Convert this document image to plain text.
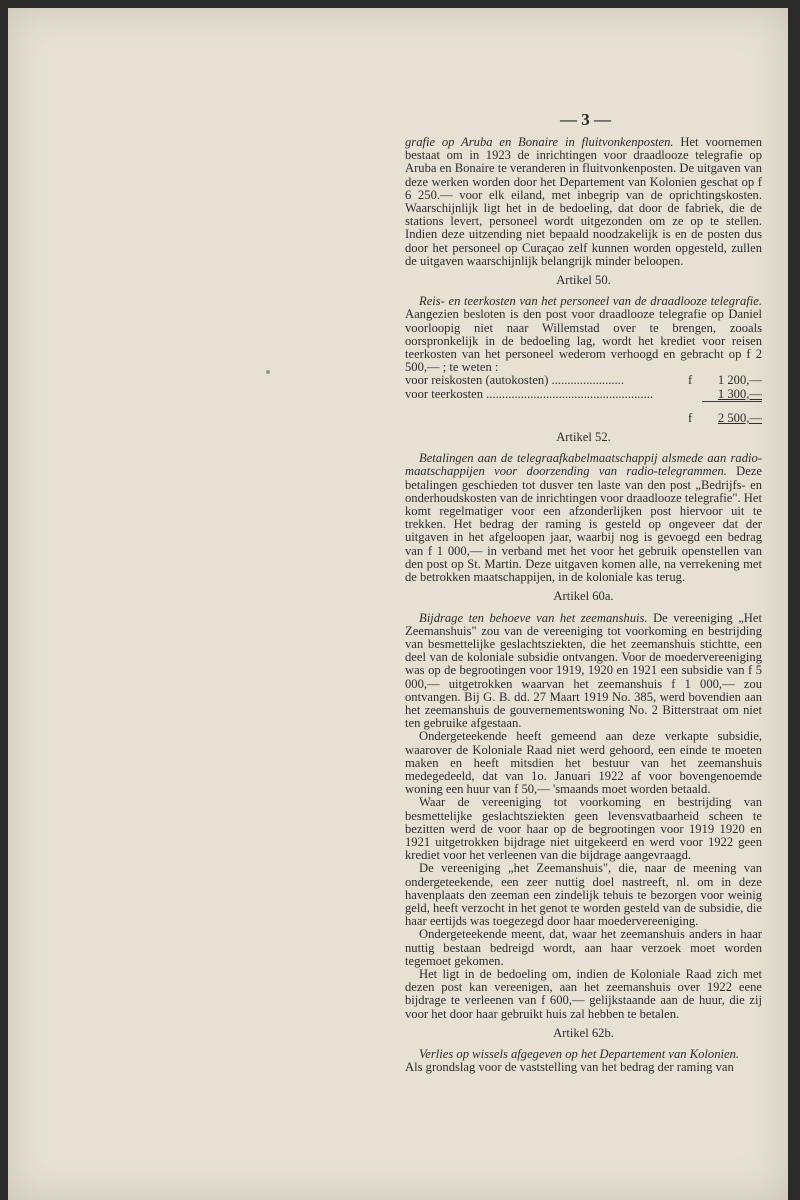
— 3 —

grafie op Aruba en Bonaire in fluitvonkenposten. Het voornemen bestaat om in 1923 de inrichtingen voor draadlooze telegrafie op Aruba en Bonaire te veranderen in fluitvonkenposten. De uitgaven van deze werken worden door het Departement van Kolonien geschat op f 6 250.— voor elk eiland, met inbegrip van de oprichtingskosten. Waarschijnlijk ligt het in de bedoeling, dat door de fabriek, die de stations levert, personeel wordt uitgezonden om ze op te stellen. Indien deze uitzending niet bepaald noodzakelijk is en de posten dus door het personeel op Curaçao zelf kunnen worden opgesteld, zullen de uitgaven waarschijnlijk belangrijk minder beloopen.

Artikel 50.

Reis- en teerkosten van het personeel van de draadlooze telegrafie. Aangezien besloten is den post voor draadlooze telegrafie op Daniel voorloopig niet naar Willemstad over te brengen, zooals oorspronkelijk in de bedoeling lag, wordt het krediet voor reisen teerkosten van het personeel wederom verhoogd en gebracht op f 2 500,— ; te weten :

voor reiskosten (autokosten) .......................	f	1 200,—
voor teerkosten .....................................................		1 300,—
	f	2 500,—

Artikel 52.

Betalingen aan de telegraafkabelmaatschappij alsmede aan radio-maatschappijen voor doorzending van radio-telegrammen. Deze betalingen geschieden tot dusver ten laste van den post „Bedrijfs- en onderhoudskosten van de inrichtingen voor draadlooze telegrafie". Het komt regelmatiger voor een afzonderlijken post hiervoor uit te trekken. Het bedrag der raming is gesteld op ongeveer dat der uitgaven in het afgeloopen jaar, waarbij nog is gevoegd een bedrag van f 1 000,— in verband met het voor het gebruik openstellen van den post op St. Martin. Deze uitgaven komen alle, na verrekening met de betrokken maatschappijen, in de koloniale kas terug.

Artikel 60a.

Bijdrage ten behoeve van het zeemanshuis. De vereeniging „Het Zeemanshuis" zou van de vereeniging tot voorkoming en bestrijding van besmettelijke geslachtsziekten, die het zeemanshuis stichtte, een deel van de koloniale subsidie ontvangen. Voor de moedervereeniging was op de begrootingen voor 1919, 1920 en 1921 een subsidie van f 5 000,— uitgetrokken waarvan het zeemanshuis f 1 000,— zou ontvangen. Bij G. B. dd. 27 Maart 1919 No. 385, werd bovendien aan het zeemanshuis de gouvernementswoning No. 2 Bitterstraat om niet ten gebruike afgestaan.

Ondergeteekende heeft gemeend aan deze verkapte subsidie, waarover de Koloniale Raad niet werd gehoord, een einde te moeten maken en heeft mitsdien het bestuur van het zeemanshuis medegedeeld, dat van 1o. Januari 1922 af voor bovengenoemde woning een huur van f 50,— 'smaands moet worden betaald.

Waar de vereeniging tot voorkoming en bestrijding van besmettelijke geslachtsziekten geen levensvatbaarheid scheen te bezitten werd de voor haar op de begrootingen voor 1919 1920 en 1921 uitgetrokken bijdrage niet uitgekeerd en werd voor 1922 geen krediet voor het verleenen van die bijdrage aangevraagd.

De vereeniging „het Zeemanshuis", die, naar de meening van ondergeteekende, een zeer nuttig doel nastreeft, nl. om in deze havenplaats den zeeman een zindelijk tehuis te bezorgen voor weinig geld, heeft verzocht in het genot te worden gesteld van de subsidie, die haar eertijds was toegezegd door haar moedervereeniging.

Ondergeteekende meent, dat, waar het zeemanshuis anders in haar nuttig bestaan bedreigd wordt, aan haar verzoek moet worden tegemoet gekomen.

Het ligt in de bedoeling om, indien de Koloniale Raad zich met dezen post kan vereenigen, aan het zeemanshuis over 1922 eene bijdrage te verleenen van f 600,— gelijkstaande aan de huur, die zij voor het door haar gebruikt huis zal hebben te betalen.

Artikel 62b.

Verlies op wissels afgegeven op het Departement van Kolonien.

Als grondslag voor de vaststelling van het bedrag der raming van
